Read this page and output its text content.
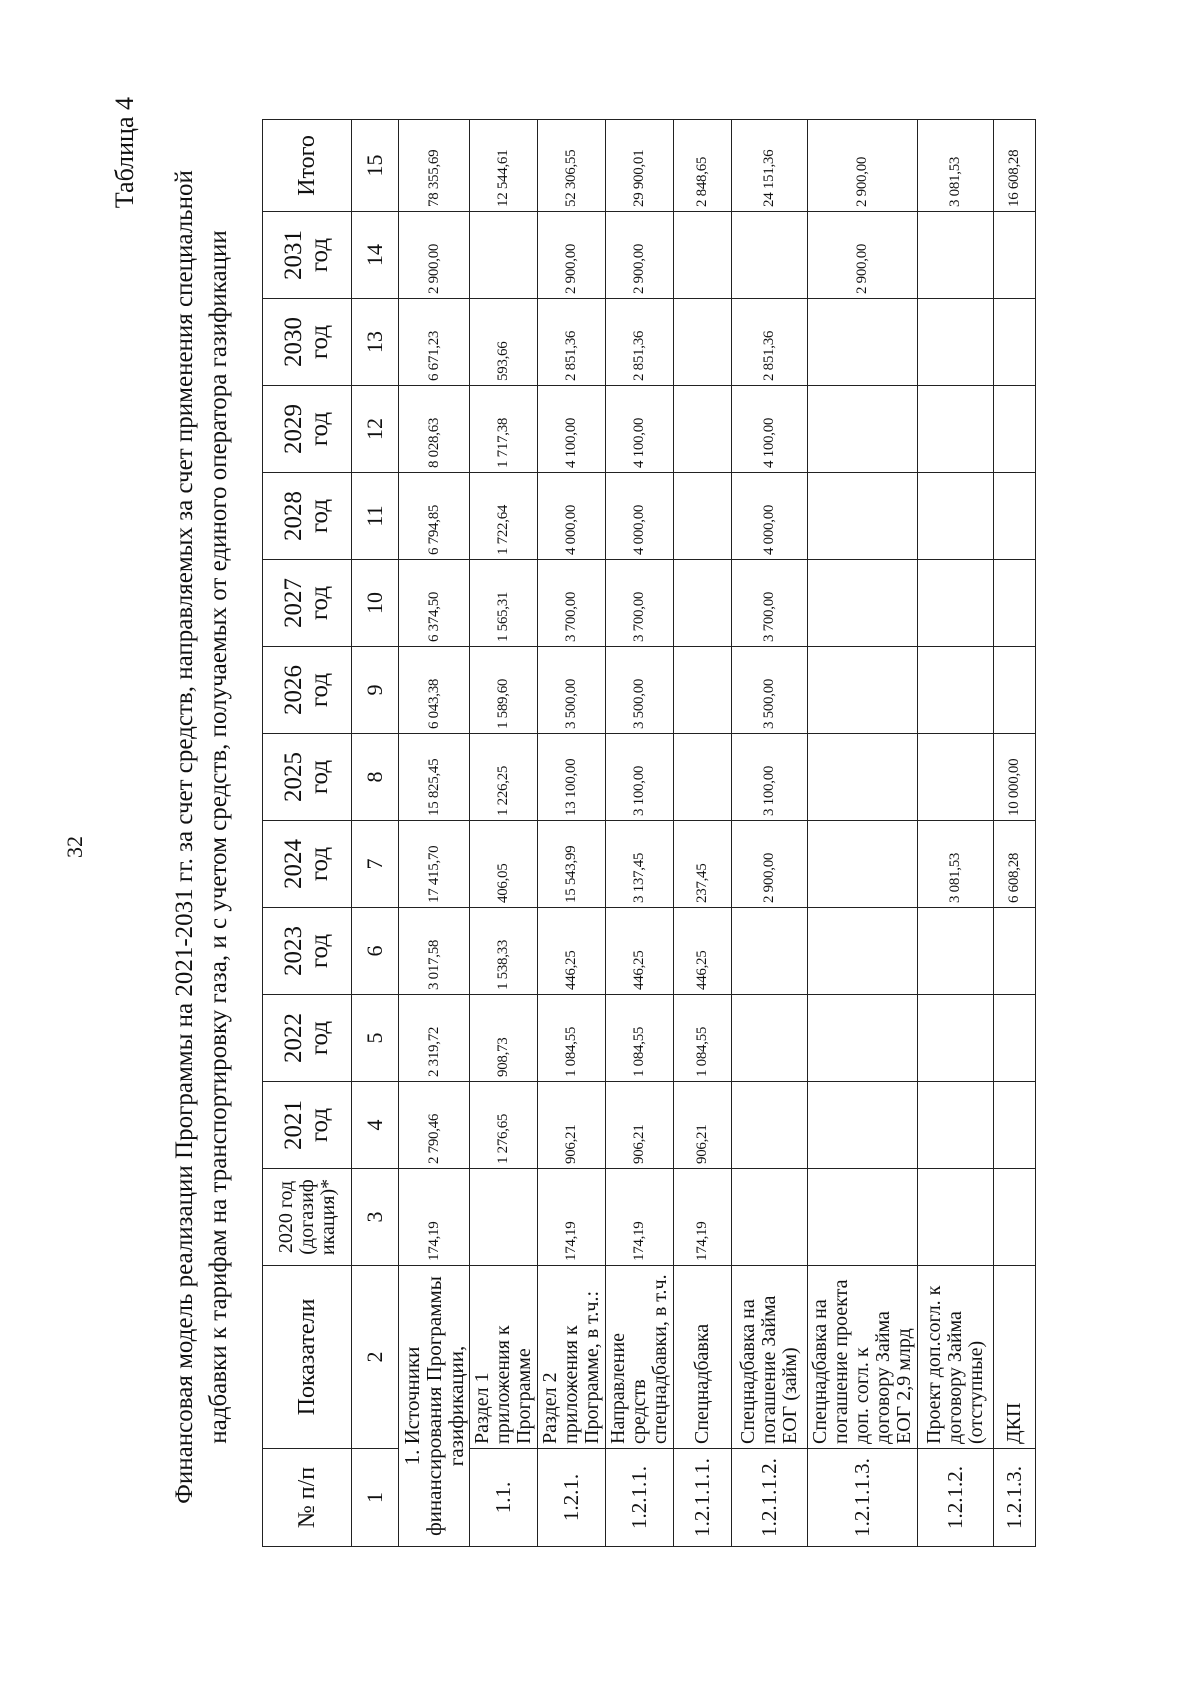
32
Таблица 4
Финансовая модель реализации Программы на 2021-2031 гг. за счет средств, направляемых за счет применения специальной надбавки к тарифам на транспортировку газа, и с учетом средств, получаемых от единого оператора газификации
№ п/п	Показатели	2020 год (догазиф икация)*	2021 год	2022 год	2023 год	2024 год	2025 год	2026 год	2027 год	2028 год	2029 год	2030 год	2031 год	Итого
1	2	3	4	5	6	7	8	9	10	11	12	13	14	15
1. Источники финансирования Программы газификации,		174,19	2 790,46	2 319,72	3 017,58	17 415,70	15 825,45	6 043,38	6 374,50	6 794,85	8 028,63	6 671,23	2 900,00	78 355,69
1.1.	Раздел 1 приложения к Программе		1 276,65	908,73	1 538,33	406,05	1 226,25	1 589,60	1 565,31	1 722,64	1 717,38	593,66		12 544,61
1.2.1.	Раздел 2 приложения к Программе, в т.ч.:	174,19	906,21	1 084,55	446,25	15 543,99	13 100,00	3 500,00	3 700,00	4 000,00	4 100,00	2 851,36	2 900,00	52 306,55
1.2.1.1.	Направление средств спецнадбавки, в т.ч.	174,19	906,21	1 084,55	446,25	3 137,45	3 100,00	3 500,00	3 700,00	4 000,00	4 100,00	2 851,36	2 900,00	29 900,01
1.2.1.1.1.	Спецнадбавка	174,19	906,21	1 084,55	446,25	237,45								2 848,65
1.2.1.1.2.	Спецнадбавка на погашение Займа ЕОГ (займ)					2 900,00	3 100,00	3 500,00	3 700,00	4 000,00	4 100,00	2 851,36		24 151,36
1.2.1.1.3.	Спецнадбавка на погашение проекта доп. согл. к договору Займа ЕОГ 2,9 млрд												2 900,00	2 900,00
1.2.1.2.	Проект доп.согл. к договору Займа (отступные)					3 081,53								3 081,53
1.2.1.3.	ДКП					6 608,28	10 000,00							16 608,28
